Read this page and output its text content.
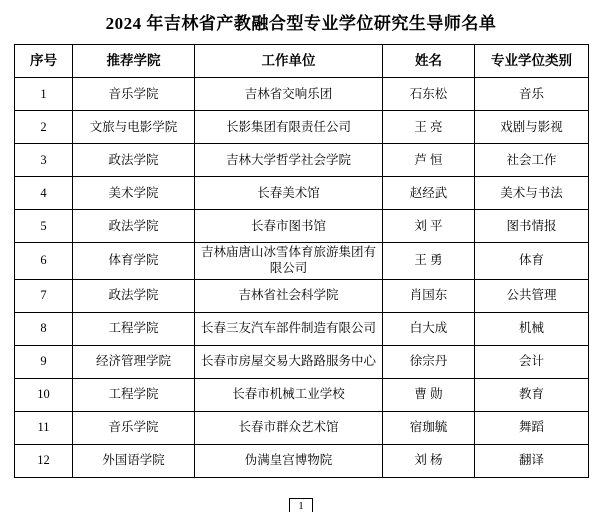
2024 年吉林省产教融合型专业学位研究生导师名单
序号	推荐学院	工作单位	姓名	专业学位类别
1	音乐学院	吉林省交响乐团	石东松	音乐
2	文旅与电影学院	长影集团有限责任公司	王 亮	戏剧与影视
3	政法学院	吉林大学哲学社会学院	芦 恒	社会工作
4	美术学院	长春美术馆	赵经武	美术与书法
5	政法学院	长春市图书馆	刘 平	图书情报
6	体育学院	吉林庙唐山冰雪体育旅游集团有限公司	王 勇	体育
7	政法学院	吉林省社会科学院	肖国东	公共管理
8	工程学院	长春三友汽车部件制造有限公司	白大成	机械
9	经济管理学院	长春市房屋交易大路路服务中心	徐宗丹	会计
10	工程学院	长春市机械工业学校	曹 勋	教育
11	音乐学院	长春市群众艺术馆	宿珈毓	舞蹈
12	外国语学院	伪满皇宫博物院	刘 杨	翻译
1
